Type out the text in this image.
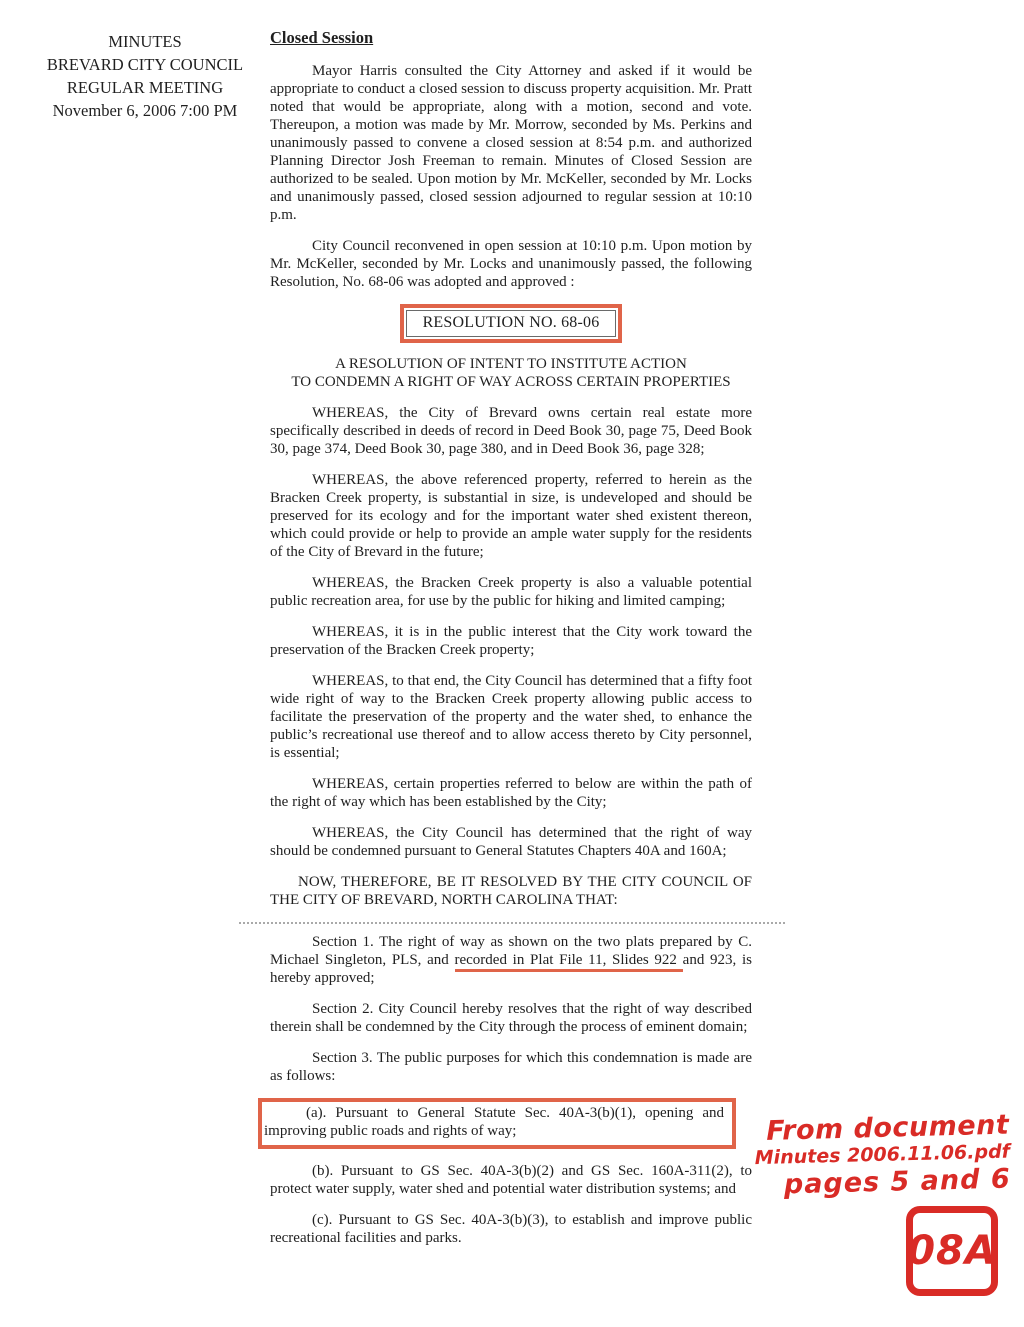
MINUTES
BREVARD CITY COUNCIL
REGULAR MEETING
November 6, 2006 7:00 PM
Closed Session

Mayor Harris consulted the City Attorney and asked if it would be appropriate to conduct a closed session to discuss property acquisition. Mr. Pratt noted that would be appropriate, along with a motion, second and vote. Thereupon, a motion was made by Mr. Morrow, seconded by Ms. Perkins and unanimously passed to convene a closed session at 8:54 p.m. and authorized Planning Director Josh Freeman to remain. Minutes of Closed Session are authorized to be sealed. Upon motion by Mr. McKeller, seconded by Mr. Locks and unanimously passed, closed session adjourned to regular session at 10:10 p.m.

City Council reconvened in open session at 10:10 p.m. Upon motion by Mr. McKeller, seconded by Mr. Locks and unanimously passed, the following Resolution, No. 68-06 was adopted and approved :

RESOLUTION NO. 68-06

A RESOLUTION OF INTENT TO INSTITUTE ACTION

TO CONDEMN A RIGHT OF WAY ACROSS CERTAIN PROPERTIES

WHEREAS, the City of Brevard owns certain real estate more specifically described in deeds of record in Deed Book 30, page 75, Deed Book 30, page 374, Deed Book 30, page 380, and in Deed Book 36, page 328;

WHEREAS, the above referenced property, referred to herein as the Bracken Creek property, is substantial in size, is undeveloped and should be preserved for its ecology and for the important water shed existent thereon, which could provide or help to provide an ample water supply for the residents of the City of Brevard in the future;

WHEREAS, the Bracken Creek property is also a valuable potential public recreation area, for use by the public for hiking and limited camping;

WHEREAS, it is in the public interest that the City work toward the preservation of the Bracken Creek property;

WHEREAS, to that end, the City Council has determined that a fifty foot wide right of way to the Bracken Creek property allowing public access to facilitate the preservation of the property and the water shed, to enhance the public’s recreational use thereof and to allow access thereto by City personnel, is essential;

WHEREAS, certain properties referred to below are within the path of the right of way which has been established by the City;

WHEREAS, the City Council has determined that the right of way should be condemned pursuant to General Statutes Chapters 40A and 160A;

NOW, THEREFORE, BE IT RESOLVED BY THE CITY COUNCIL OF THE CITY OF BREVARD, NORTH CAROLINA THAT:

Section 1. The right of way as shown on the two plats prepared by C. Michael Singleton, PLS, and recorded in Plat File 11, Slides 922 and 923, is hereby approved;

Section 2. City Council hereby resolves that the right of way described therein shall be condemned by the City through the process of eminent domain;

Section 3. The public purposes for which this condemnation is made are as follows:

(a). Pursuant to General Statute Sec. 40A-3(b)(1), opening and improving public roads and rights of way;

(b). Pursuant to GS Sec. 40A-3(b)(2) and GS Sec. 160A-311(2), to protect water supply, water shed and potential water distribution systems; and

(c). Pursuant to GS Sec. 40A-3(b)(3), to establish and improve public recreational facilities and parks.

From document
Minutes 2006.11.06.pdf
pages 5 and 6
08A
